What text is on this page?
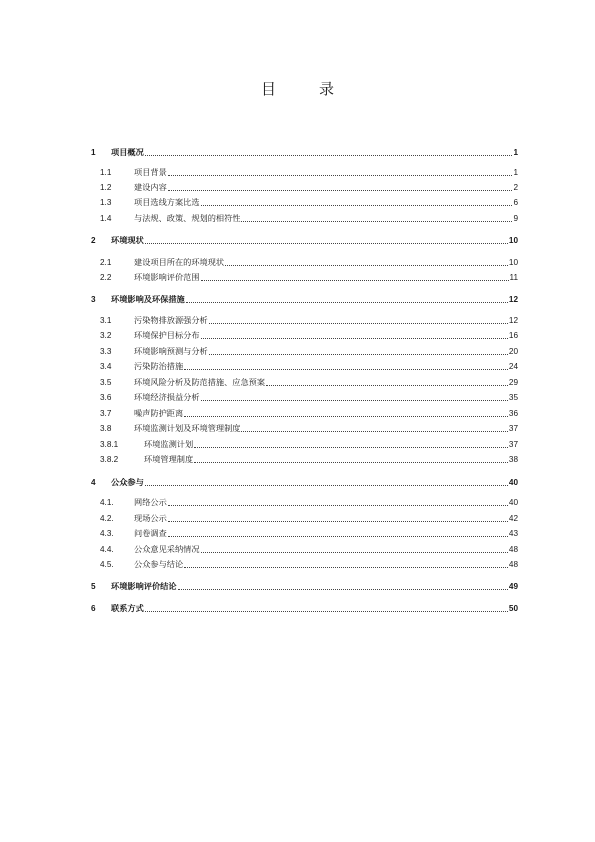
目　录
1	项目概况	1
1.1	项目背景	1
1.2	建设内容	2
1.3	项目选线方案比选	6
1.4	与法规、政策、规划的相符性	9
2	环境现状	10
2.1	建设项目所在的环境现状	10
2.2	环境影响评价范围	11
3	环境影响及环保措施	12
3.1	污染物排放源强分析	12
3.2	环境保护目标分布	16
3.3	环境影响预测与分析	20
3.4	污染防治措施	24
3.5	环境风险分析及防范措施、应急预案	29
3.6	环境经济损益分析	35
3.7	噪声防护距离	36
3.8	环境监测计划及环境管理制度	37
3.8.1	环境监测计划	37
3.8.2	环境管理制度	38
4	公众参与	40
4.1.	网络公示	40
4.2.	现场公示	42
4.3.	问卷调查	43
4.4.	公众意见采纳情况	48
4.5.	公众参与结论	48
5	环境影响评价结论	49
6	联系方式	50
